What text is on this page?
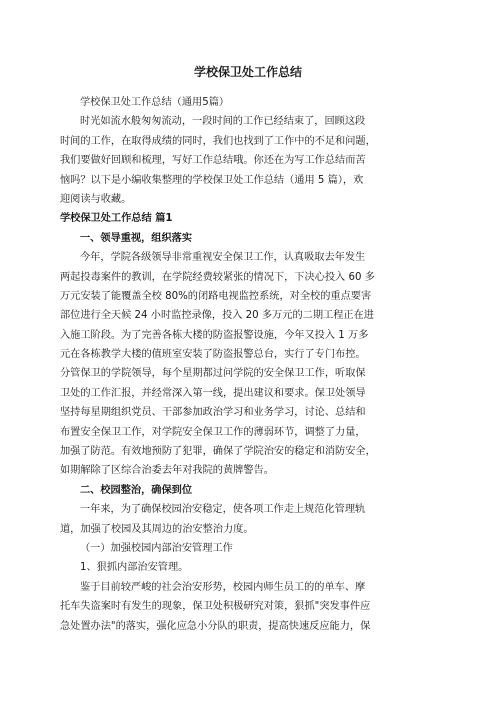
学校保卫处工作总结
学校保卫处工作总结（通用5篇）
时光如流水般匆匆流动，一段时间的工作已经结束了，回顾这段
时间的工作，在取得成绩的同时，我们也找到了工作中的不足和问题，
我们要做好回顾和梳理，写好工作总结哦。你还在为写工作总结而苦
恼吗？以下是小编收集整理的学校保卫处工作总结（通用 5 篇），欢
迎阅读与收藏。
学校保卫处工作总结 篇1
一、领导重视，组织落实
今年，学院各级领导非常重视安全保卫工作，认真吸取去年发生
两起投毒案件的教训，在学院经费较紧张的情况下，下决心投入 60 多
万元安装了能覆盖全校 80%的闭路电视监控系统，对全校的重点要害
部位进行全天候 24 小时监控录像，投入 20 多万元的二期工程正在进
入施工阶段。为了完善各栋大楼的防盗报警设施，今年又投入 1 万多
元在各栋教学大楼的值班室安装了防盗报警总台，实行了专门布控。
分管保卫的学院领导，每个星期都过问学院的安全保卫工作，听取保
卫处的工作汇报，并经常深入第一线，提出建议和要求。保卫处领导
坚持每星期组织党员、干部参加政治学习和业务学习，讨论、总结和
布置安全保卫工作，对学院安全保卫工作的薄弱环节，调整了力量，
加强了防范。有效地预防了犯罪，确保了学院治安的稳定和消防安全，
如期解除了区综合治委去年对我院的黄牌警告。
二、校园整治，确保到位
一年来，为了确保校园治安稳定，使各项工作走上规范化管理轨
道，加强了校园及其周边的治安整治力度。
（一）加强校园内部治安管理工作
1、狠抓内部治安管理。
鉴于目前较严峻的社会治安形势，校园内师生员工的的单车、摩
托车失盗案时有发生的现象，保卫处积极研究对策，狠抓"突发事件应
急处置办法"的落实，强化应急小分队的职责，提高快速反应能力，保
